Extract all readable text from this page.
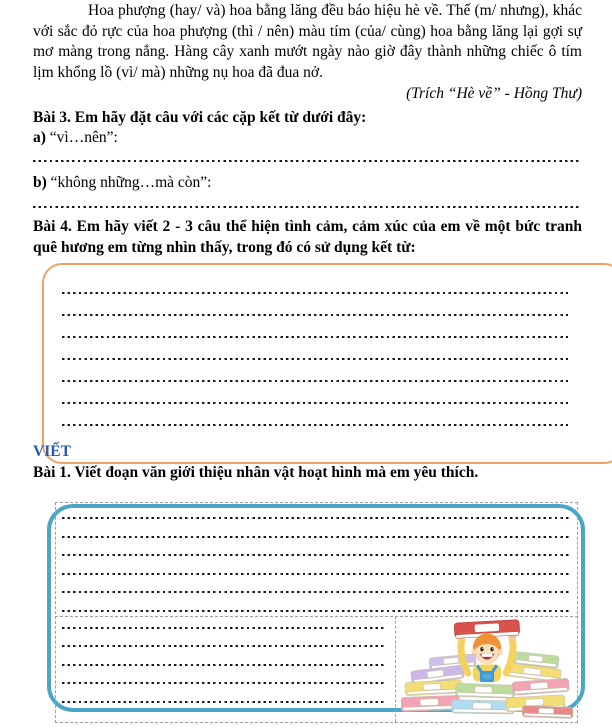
Hoa phượng (hay/ và) hoa bằng lăng đều báo hiệu hè về. Thế (m/ nhưng), khác với sắc đỏ rực của hoa phượng (thì / nên) màu tím (của/ cùng) hoa bằng lăng lại gợi sự mơ màng trong nắng. Hàng cây xanh mướt ngày nào giờ đây thành những chiếc ô tím lịm khổng lồ (vì/ mà) những nụ hoa đã đua nở.
(Trích “Hè về” - Hồng Thư)
Bài 3. Em hãy đặt câu với các cặp kết từ dưới đây:
a) “vì…nên”:
b) “không những…mà còn”:
Bài 4. Em hãy viết 2 - 3 câu thể hiện tình cảm, cảm xúc của em về một bức tranh quê hương em từng nhìn thấy, trong đó có sử dụng kết từ:
VIẾT
Bài 1. Viết đoạn văn giới thiệu nhân vật hoạt hình mà em yêu thích.
